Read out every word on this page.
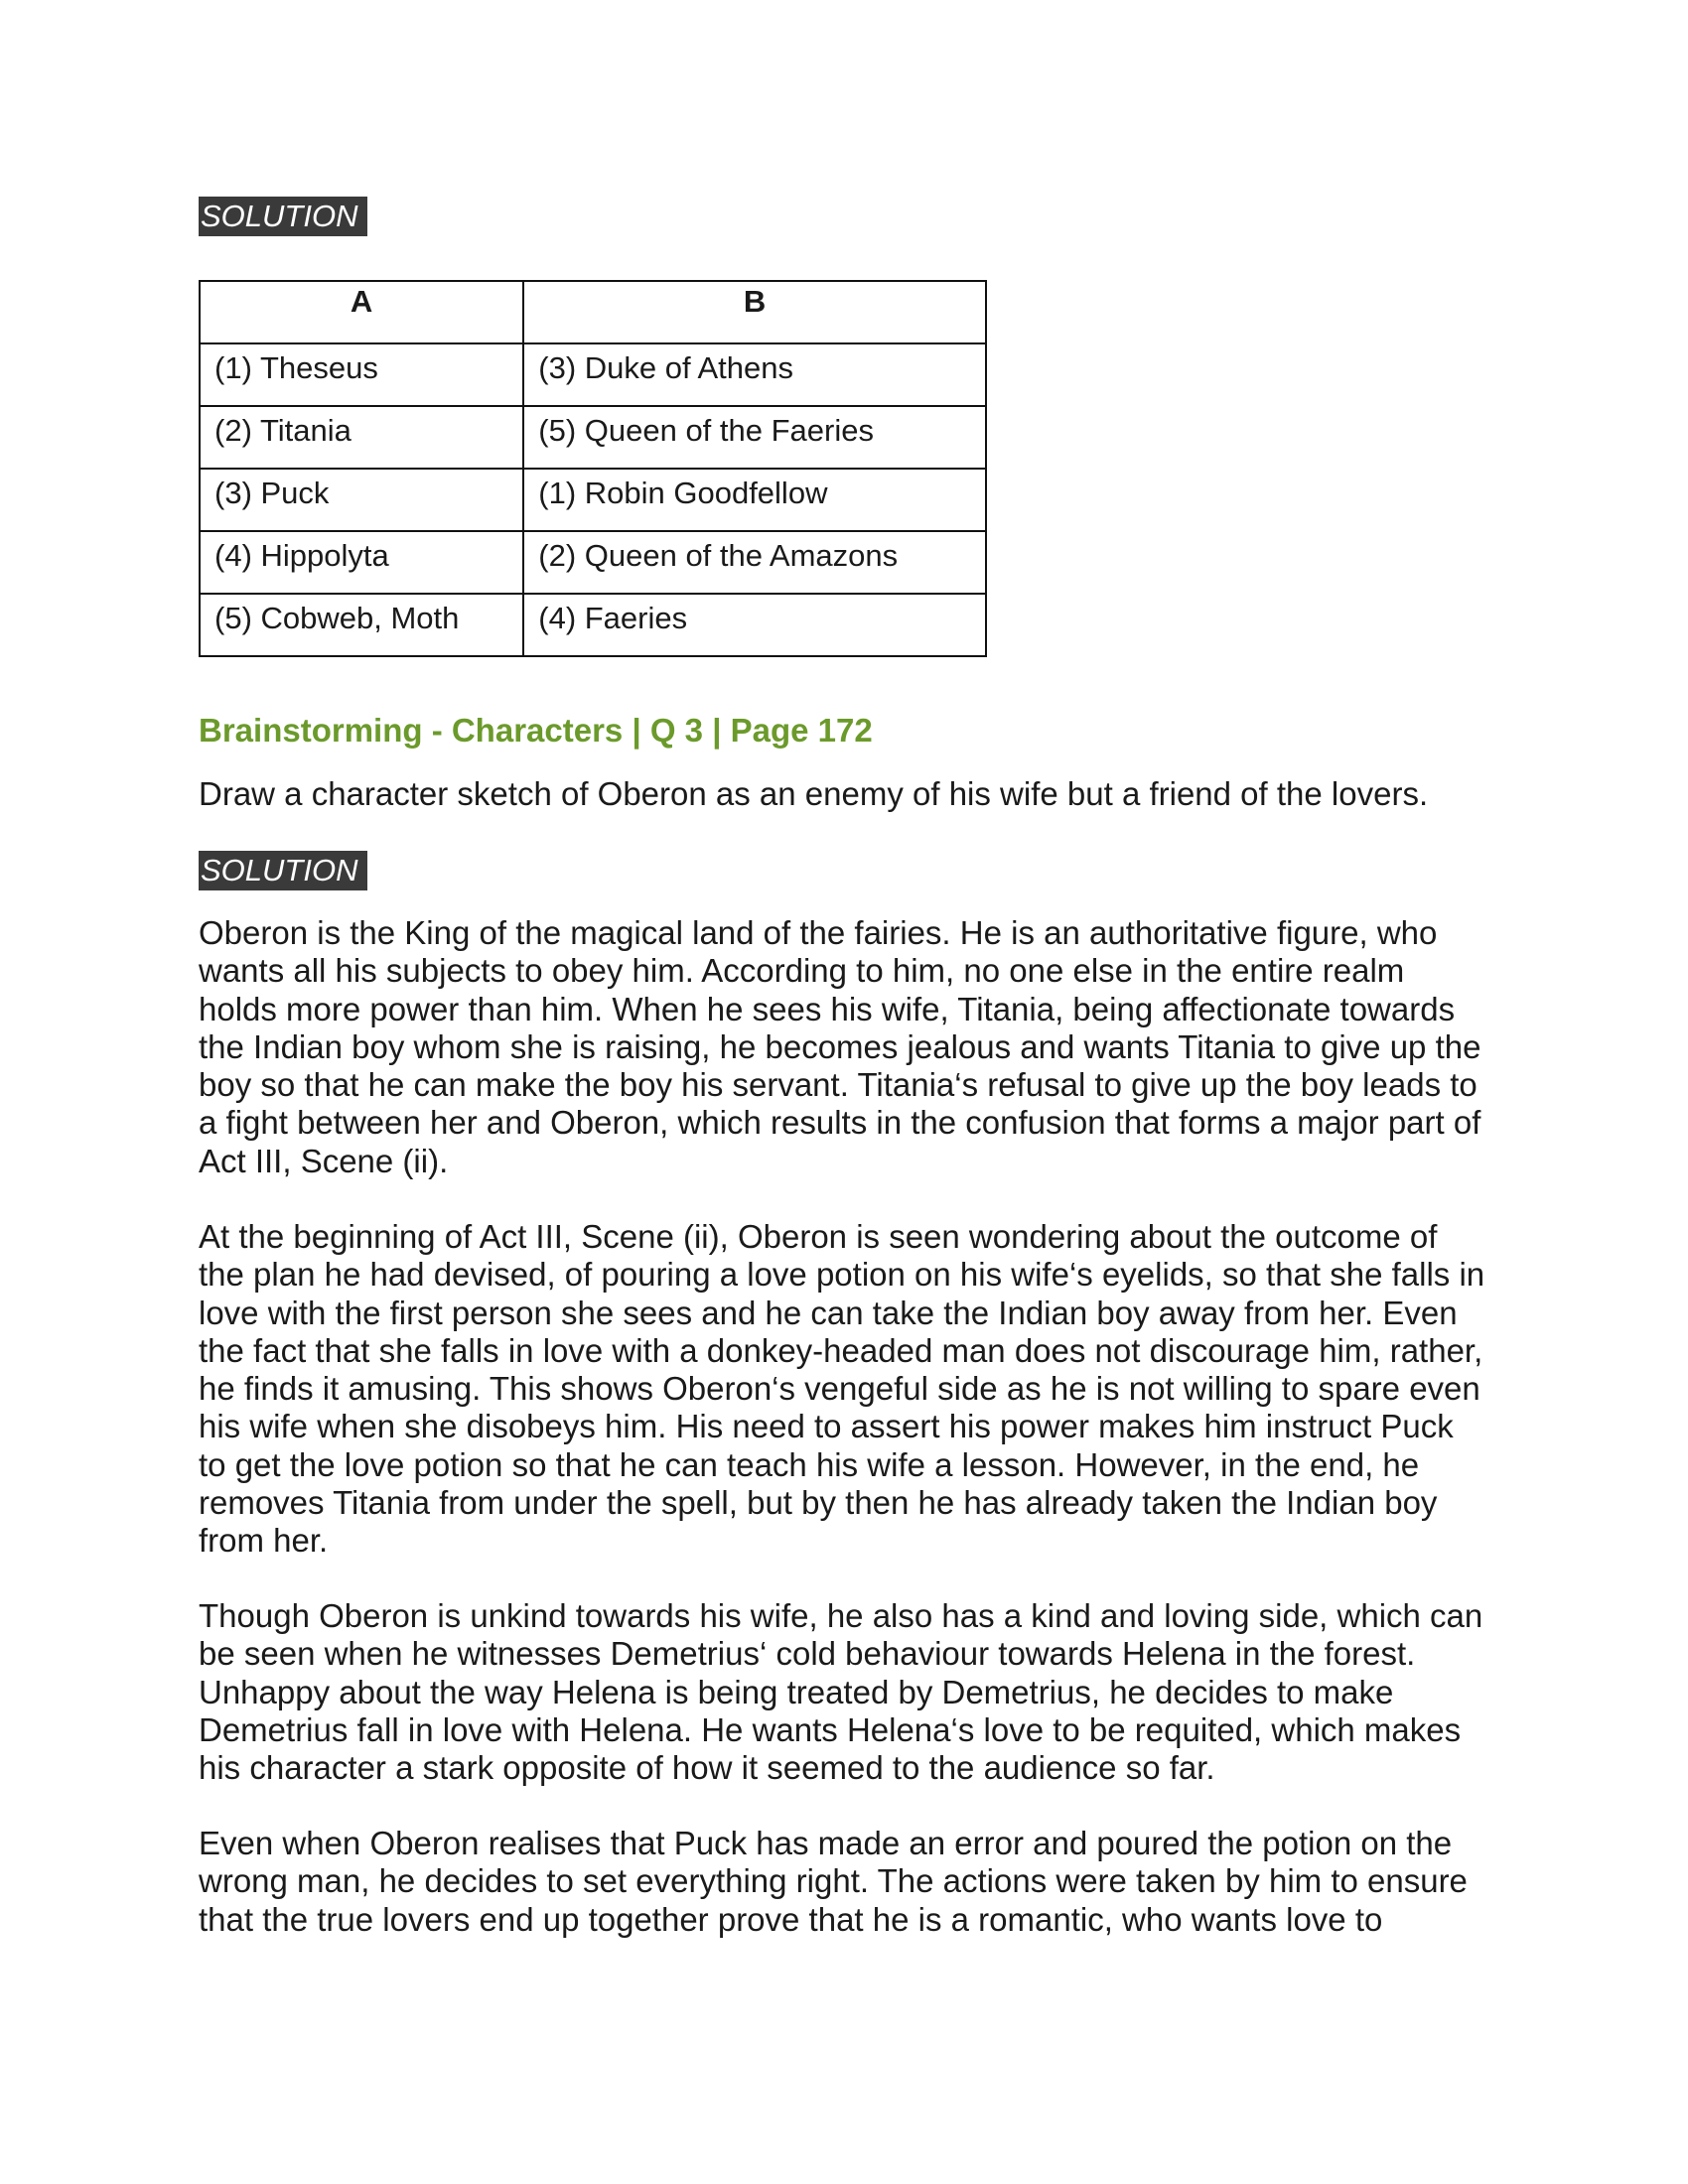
SOLUTION
A	B
(1) Theseus	(3) Duke of Athens
(2) Titania	(5) Queen of the Faeries
(3) Puck	(1) Robin Goodfellow
(4) Hippolyta	(2) Queen of the Amazons
(5) Cobweb, Moth	(4) Faeries
Brainstorming - Characters | Q 3 | Page 172
Draw a character sketch of Oberon as an enemy of his wife but a friend of the lovers.
SOLUTION

Oberon is the King of the magical land of the fairies. He is an authoritative figure, who wants all his subjects to obey him. According to him, no one else in the entire realm holds more power than him. When he sees his wife, Titania, being affectionate towards the Indian boy whom she is raising, he becomes jealous and wants Titania to give up the boy so that he can make the boy his servant. Titania‘s refusal to give up the boy leads to a fight between her and Oberon, which results in the confusion that forms a major part of Act III, Scene (ii).

At the beginning of Act III, Scene (ii), Oberon is seen wondering about the outcome of the plan he had devised, of pouring a love potion on his wife‘s eyelids, so that she falls in love with the first person she sees and he can take the Indian boy away from her. Even the fact that she falls in love with a donkey-headed man does not discourage him, rather, he finds it amusing. This shows Oberon‘s vengeful side as he is not willing to spare even his wife when she disobeys him. His need to assert his power makes him instruct Puck to get the love potion so that he can teach his wife a lesson. However, in the end, he removes Titania from under the spell, but by then he has already taken the Indian boy from her.

Though Oberon is unkind towards his wife, he also has a kind and loving side, which can be seen when he witnesses Demetrius‘ cold behaviour towards Helena in the forest. Unhappy about the way Helena is being treated by Demetrius, he decides to make Demetrius fall in love with Helena. He wants Helena‘s love to be requited, which makes his character a stark opposite of how it seemed to the audience so far.

Even when Oberon realises that Puck has made an error and poured the potion on the wrong man, he decides to set everything right. The actions were taken by him to ensure that the true lovers end up together prove that he is a romantic, who wants love to
